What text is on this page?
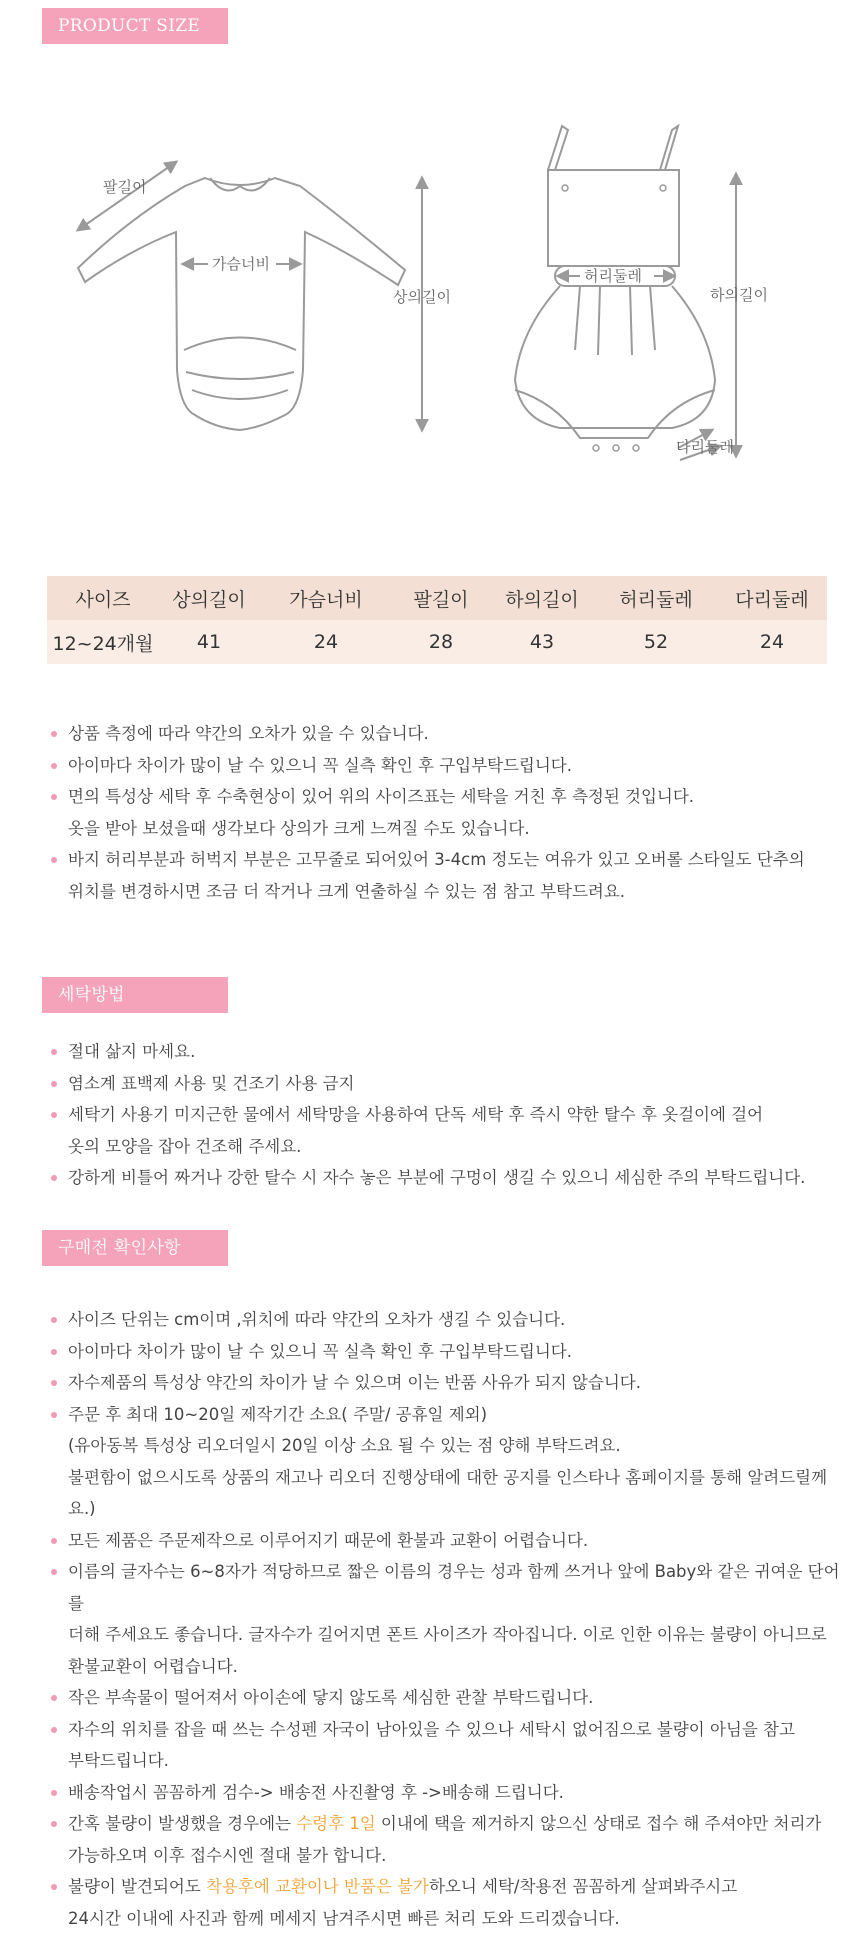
PRODUCT SIZE
팔길이
가슴너비
상의길이
허리둘레
하의길이
다리둘레
사이즈	상의길이	가슴너비	팔길이	하의길이	허리둘레	다리둘레
12~24개월	41	24	28	43	52	24
상품 측정에 따라 약간의 오차가 있을 수 있습니다.
아이마다 차이가 많이 날 수 있으니 꼭 실측 확인 후 구입부탁드립니다.
면의 특성상 세탁 후 수축현상이 있어 위의 사이즈표는 세탁을 거친 후 측정된 것입니다.
옷을 받아 보셨을때 생각보다 상의가 크게 느껴질 수도 있습니다.
바지 허리부분과 허벅지 부분은 고무줄로 되어있어 3-4cm 정도는 여유가 있고 오버롤 스타일도 단추의
위치를 변경하시면 조금 더 작거나 크게 연출하실 수 있는 점 참고 부탁드려요.
세탁방법
절대 삶지 마세요.
염소계 표백제 사용 및 건조기 사용 금지
세탁기 사용기 미지근한 물에서 세탁망을 사용하여 단독 세탁 후 즉시 약한 탈수 후 옷걸이에 걸어
옷의 모양을 잡아 건조해 주세요.
강하게 비틀어 짜거나 강한 탈수 시 자수 놓은 부분에 구멍이 생길 수 있으니 세심한 주의 부탁드립니다.
구매전 확인사항
사이즈 단위는 cm이며 ,위치에 따라 약간의 오차가 생길 수 있습니다.
아이마다 차이가 많이 날 수 있으니 꼭 실측 확인 후 구입부탁드립니다.
자수제품의 특성상 약간의 차이가 날 수 있으며 이는 반품 사유가 되지 않습니다.
주문 후 최대 10~20일 제작기간 소요( 주말/ 공휴일 제외)
(유아동복 특성상 리오더일시 20일 이상 소요 될 수 있는 점 양해 부탁드려요.
불편함이 없으시도록 상품의 재고나 리오더 진행상태에 대한 공지를 인스타나 홈페이지를 통해 알려드릴께요.)
모든 제품은 주문제작으로 이루어지기 때문에 환불과 교환이 어렵습니다.
이름의 글자수는 6~8자가 적당하므로 짧은 이름의 경우는 성과 함께 쓰거나 앞에 Baby와 같은 귀여운 단어를
더해 주세요도 좋습니다. 글자수가 길어지면 폰트 사이즈가 작아집니다. 이로 인한 이유는 불량이 아니므로
환불교환이 어렵습니다.
작은 부속물이 떨어져서 아이손에 닿지 않도록 세심한 관찰 부탁드립니다.
자수의 위치를 잡을 때 쓰는 수성펜 자국이 남아있을 수 있으나 세탁시 없어짐으로 불량이 아님을 참고
부탁드립니다.
배송작업시 꼼꼼하게 검수-> 배송전 사진촬영 후 ->배송해 드립니다.
간혹 불량이 발생했을 경우에는 수령후 1일 이내에 택을 제거하지 않으신 상태로 접수 해 주셔야만 처리가
가능하오며 이후 접수시엔 절대 불가 합니다.
불량이 발견되어도 착용후에 교환이나 반품은 불가하오니 세탁/착용전 꼼꼼하게 살펴봐주시고
24시간 이내에 사진과 함께 메세지 남겨주시면 빠른 처리 도와 드리겠습니다.
